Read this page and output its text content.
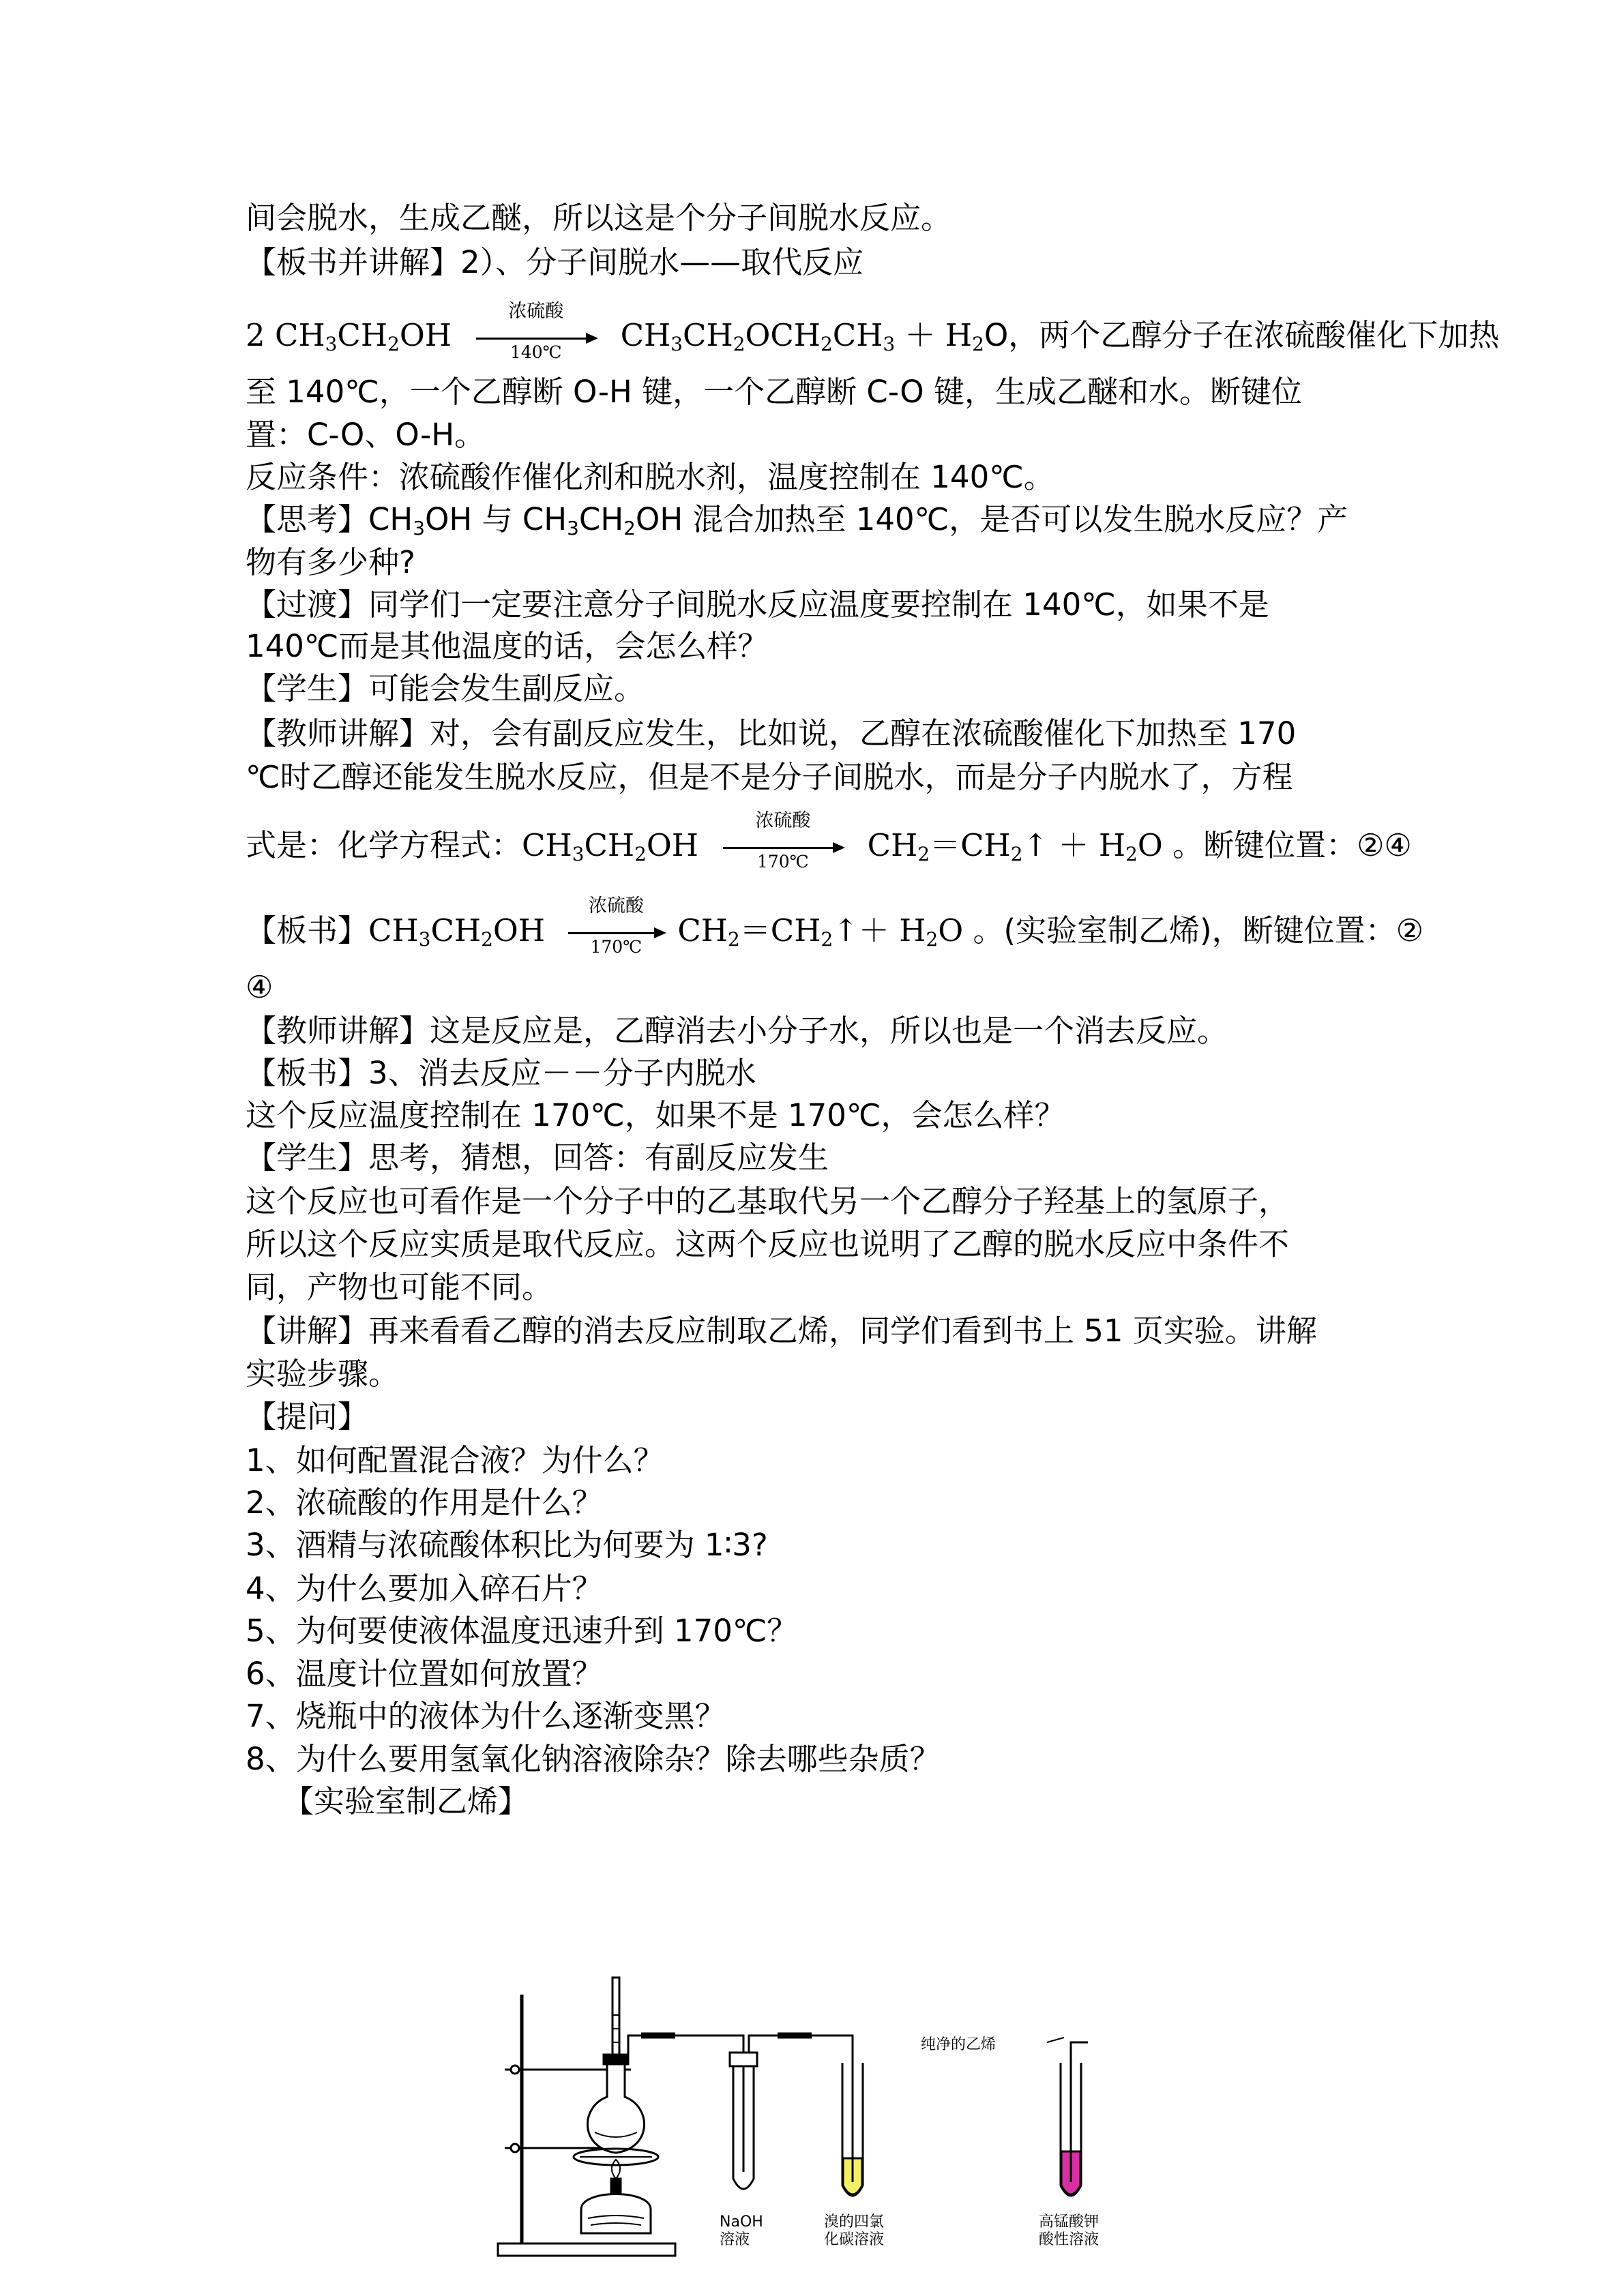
间会脱水，生成乙醚，所以这是个分子间脱水反应。
【板书并讲解】2）、分子间脱水——取代反应
2 $CH_3CH_2OH$
浓硫酸
140℃	$CH_3CH_2OCH_2CH_3 + H_2O$，两个乙醇分子在浓硫酸催化下加热
至 140℃，一个乙醇断 O-H 键，一个乙醇断 C-O 键，生成乙醚和水。断键位
置：C-O、O-H。
反应条件：浓硫酸作催化剂和脱水剂，温度控制在 140℃。
【思考】$CH_3OH$ 与 $CH_3CH_2OH$ 混合加热至 140℃，是否可以发生脱水反应？产
物有多少种?
【过渡】同学们一定要注意分子间脱水反应温度要控制在 140℃，如果不是
140℃而是其他温度的话，会怎么样？
【学生】可能会发生副反应。
【教师讲解】对，会有副反应发生，比如说，乙醇在浓硫酸催化下加热至 170
℃时乙醇还能发生脱水反应，但是不是分子间脱水，而是分子内脱水了，方程
式是：化学方程式：$CH_3CH_2OH$
浓硫酸
170℃	$CH_2=CH_2↑ + H_2O$ 。断键位置：②④
【板书】$CH_3CH_2OH$
浓硫酸
170℃	$CH_2=CH_2↑+ H_2O$ 。(实验室制乙烯)，断键位置：②
④
【教师讲解】这是反应是，乙醇消去小分子水，所以也是一个消去反应。
【板书】3、消去反应－－分子内脱水
这个反应温度控制在 170℃，如果不是 170℃，会怎么样？
【学生】思考，猜想，回答：有副反应发生
这个反应也可看作是一个分子中的乙基取代另一个乙醇分子羟基上的氢原子，
所以这个反应实质是取代反应。这两个反应也说明了乙醇的脱水反应中条件不
同，产物也可能不同。
【讲解】再来看看乙醇的消去反应制取乙烯，同学们看到书上 51 页实验。讲解
实验步骤。
【提问】
1、如何配置混合液？为什么？
2、浓硫酸的作用是什么？
3、酒精与浓硫酸体积比为何要为 1∶3?
4、为什么要加入碎石片？
5、为何要使液体温度迅速升到 170℃？
6、温度计位置如何放置？
7、烧瓶中的液体为什么逐渐变黑？
8、为什么要用氢氧化钠溶液除杂？除去哪些杂质？
【实验室制乙烯】
纯净的乙烯
NaOH
溶液
溴的四氯
化碳溶液
高锰酸钾
酸性溶液
